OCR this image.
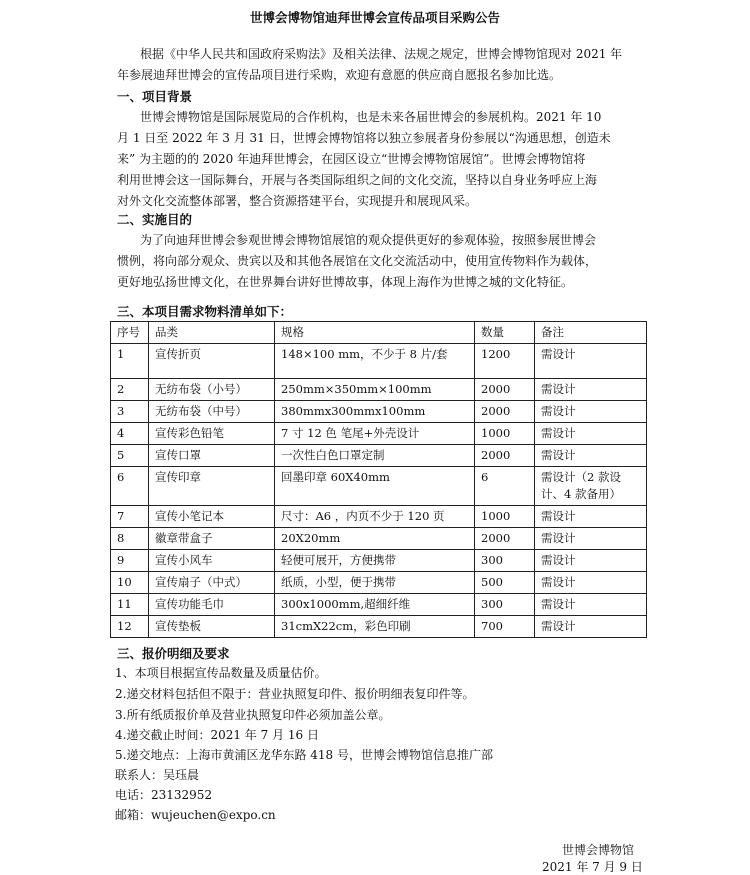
世博会博物馆迪拜世博会宣传品项目采购公告
根据《中华人民共和国政府采购法》及相关法律、法规之规定，世博会博物馆现对 2021 年
年参展迪拜世博会的宣传品项目进行采购，欢迎有意愿的供应商自愿报名参加比选。
一、项目背景
世博会博物馆是国际展览局的合作机构，也是未来各届世博会的参展机构。2021 年 10
月 1 日至 2022 年 3 月 31 日，世博会博物馆将以独立参展者身份参展以“沟通思想，创造未
来” 为主题的的 2020 年迪拜世博会，在园区设立“世博会博物馆展馆”。世博会博物馆将
利用世博会这一国际舞台，开展与各类国际组织之间的文化交流，坚持以自身业务呼应上海
对外文化交流整体部署，整合资源搭建平台，实现提升和展现风采。
二、实施目的
为了向迪拜世博会参观世博会博物馆展馆的观众提供更好的参观体验，按照参展世博会
惯例，将向部分观众、贵宾以及和其他各展馆在文化交流活动中，使用宣传物料作为载体，
更好地弘扬世博文化，在世界舞台讲好世博故事，体现上海作为世博之城的文化特征。
三、本项目需求物料清单如下：
序号	品类	规格	数量	备注
1	宣传折页	148×100 mm，不少于 8 片/套	1200	需设计
2	无纺布袋（小号）	250mm×350mm×100mm	2000	需设计
3	无纺布袋（中号）	380mmx300mmx100mm	2000	需设计
4	宣传彩色铅笔	7 寸 12 色 笔尾+外壳设计	1000	需设计
5	宣传口罩	一次性白色口罩定制	2000	需设计
6	宣传印章	回墨印章 60X40mm	6	需设计（2 款设计、4 款备用）
7	宣传小笔记本	尺寸：A6 ，内页不少于 120 页	1000	需设计
8	徽章带盒子	20X20mm	2000	需设计
9	宣传小风车	轻便可展开，方便携带	300	需设计
10	宣传扇子（中式）	纸质，小型，便于携带	500	需设计
11	宣传功能毛巾	300x1000mm,超细纤维	300	需设计
12	宣传垫板	31cmX22cm，彩色印刷	700	需设计
三、报价明细及要求
1、本项目根据宣传品数量及质量估价。
2.递交材料包括但不限于：营业执照复印件、报价明细表复印件等。
3.所有纸质报价单及营业执照复印件必须加盖公章。
4.递交截止时间：2021 年 7 月 16 日
5.递交地点：上海市黄浦区龙华东路 418 号，世博会博物馆信息推广部
联系人：吴珏晨
电话：23132952
邮箱：wujeuchen@expo.cn
世博会博物馆
2021 年 7 月 9 日
